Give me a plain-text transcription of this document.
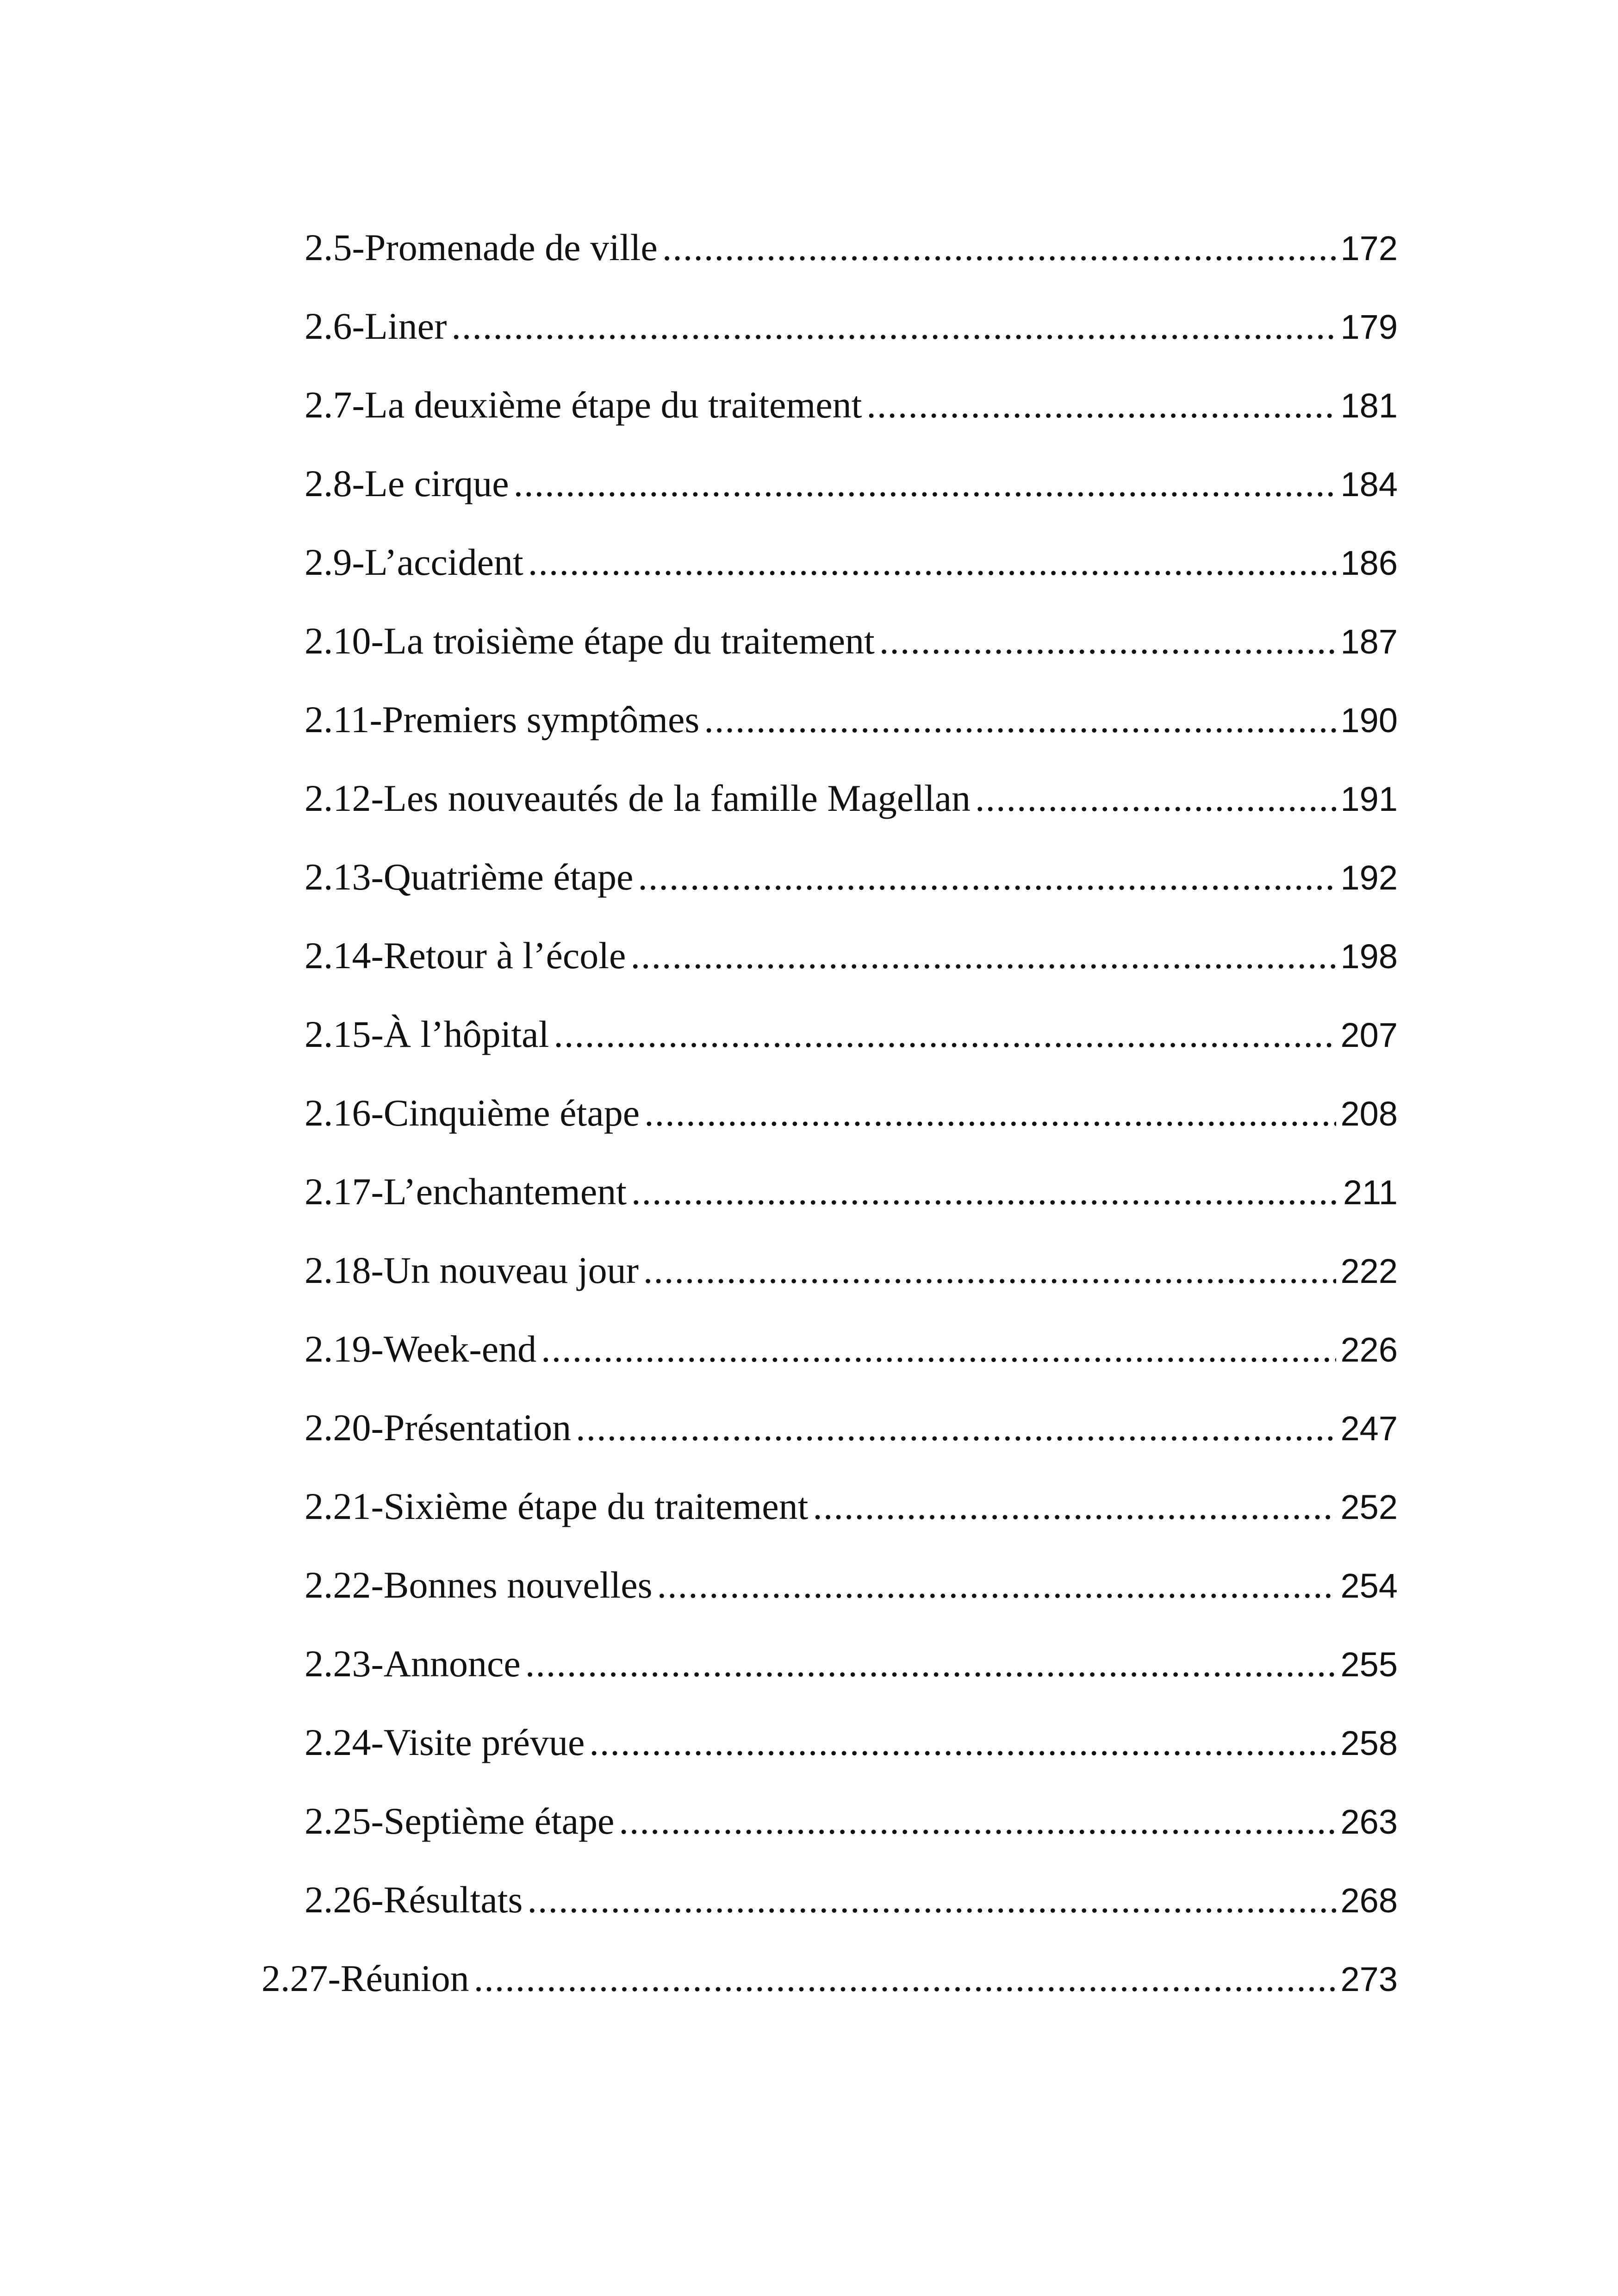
2.5-Promenade de ville .....	172
2.6-Liner .....	179
2.7-La deuxième étape du traitement .....	181
2.8-Le cirque .....	184
2.9-L’accident .....	186
2.10-La troisième étape du traitement .....	187
2.11-Premiers symptômes .....	190
2.12-Les nouveautés de la famille Magellan .....	191
2.13-Quatrième étape .....	192
2.14-Retour à l’école .....	198
2.15-À l’hôpital .....	207
2.16-Cinquième étape .....	208
2.17-L’enchantement .....	211
2.18-Un nouveau jour .....	222
2.19-Week-end .....	226
2.20-Présentation .....	247
2.21-Sixième étape du traitement .....	252
2.22-Bonnes nouvelles .....	254
2.23-Annonce .....	255
2.24-Visite prévue .....	258
2.25-Septième étape .....	263
2.26-Résultats .....	268
2.27-Réunion .....	273
